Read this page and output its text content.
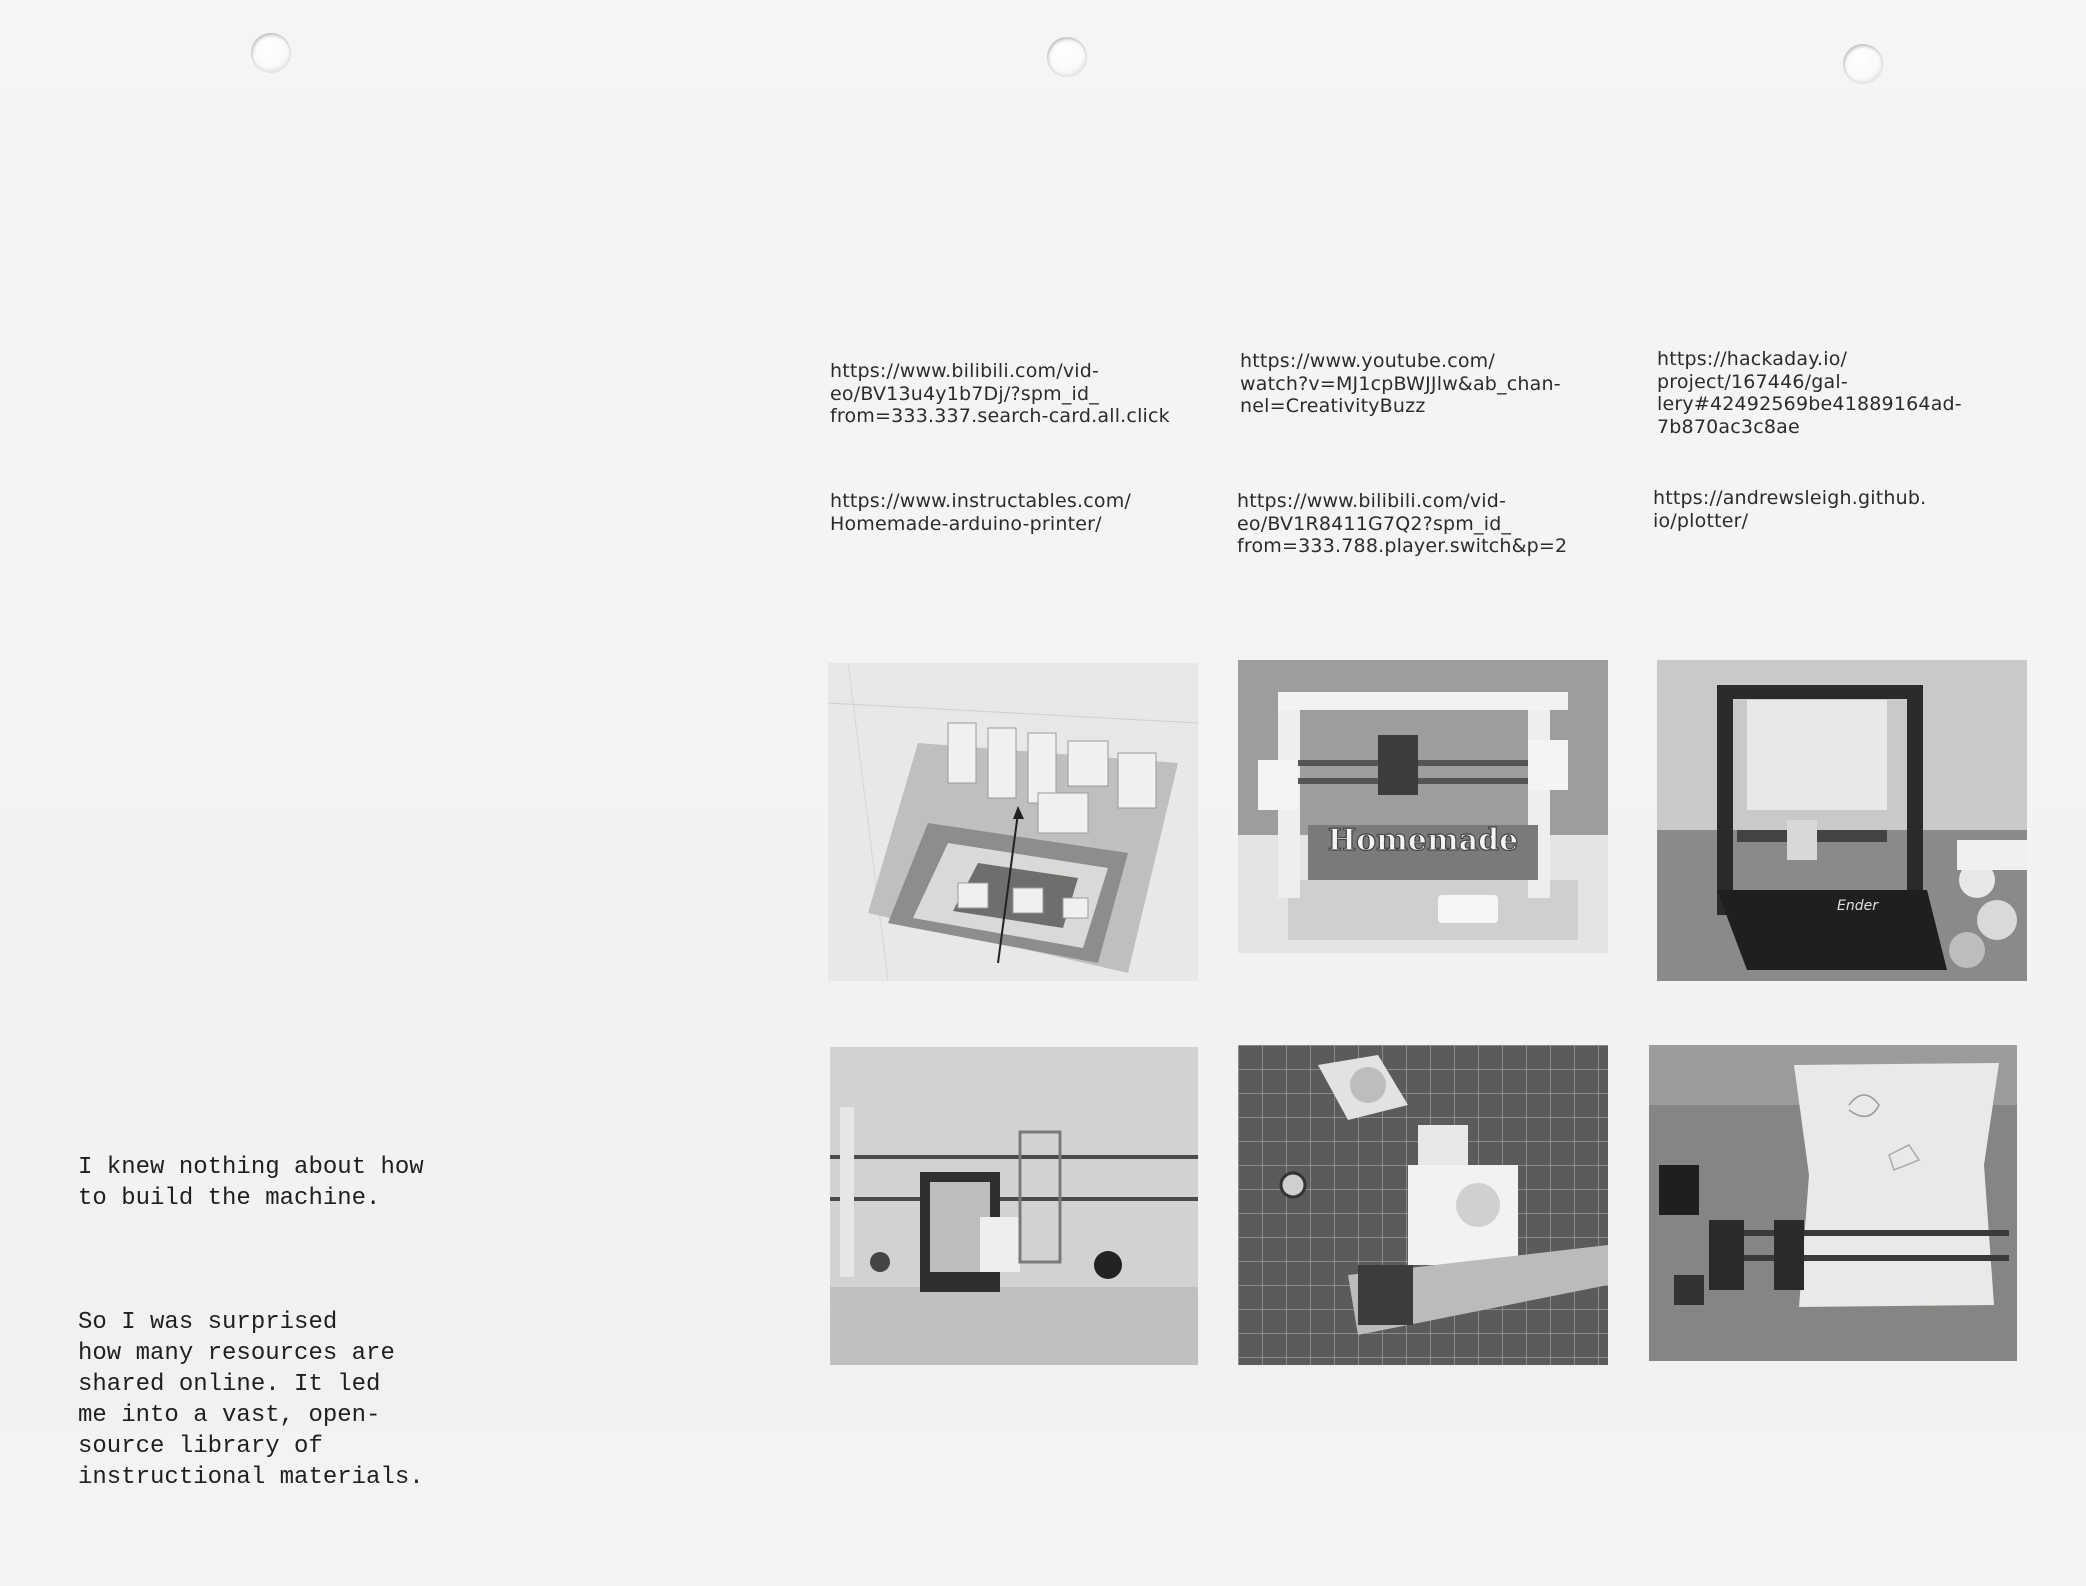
https://www.bilibili.com/vid-
eo/BV13u4y1b7Dj/?spm_id_
from=333.337.search-card.all.click
https://www.youtube.com/
watch?v=MJ1cpBWJJlw&ab_chan-
nel=CreativityBuzz
https://hackaday.io/
project/167446/gal-
lery#42492569be41889164ad-
7b870ac3c8ae
https://www.instructables.com/
Homemade-arduino-printer/
https://www.bilibili.com/vid-
eo/BV1R8411G7Q2?spm_id_
from=333.788.player.switch&p=2
https://andrewsleigh.github.
io/plotter/
Homemade
Ender

I knew nothing about how
to build the machine.

So I was surprised
how many resources are
shared online. It led
me into a vast, open-
source library of
instructional materials.
